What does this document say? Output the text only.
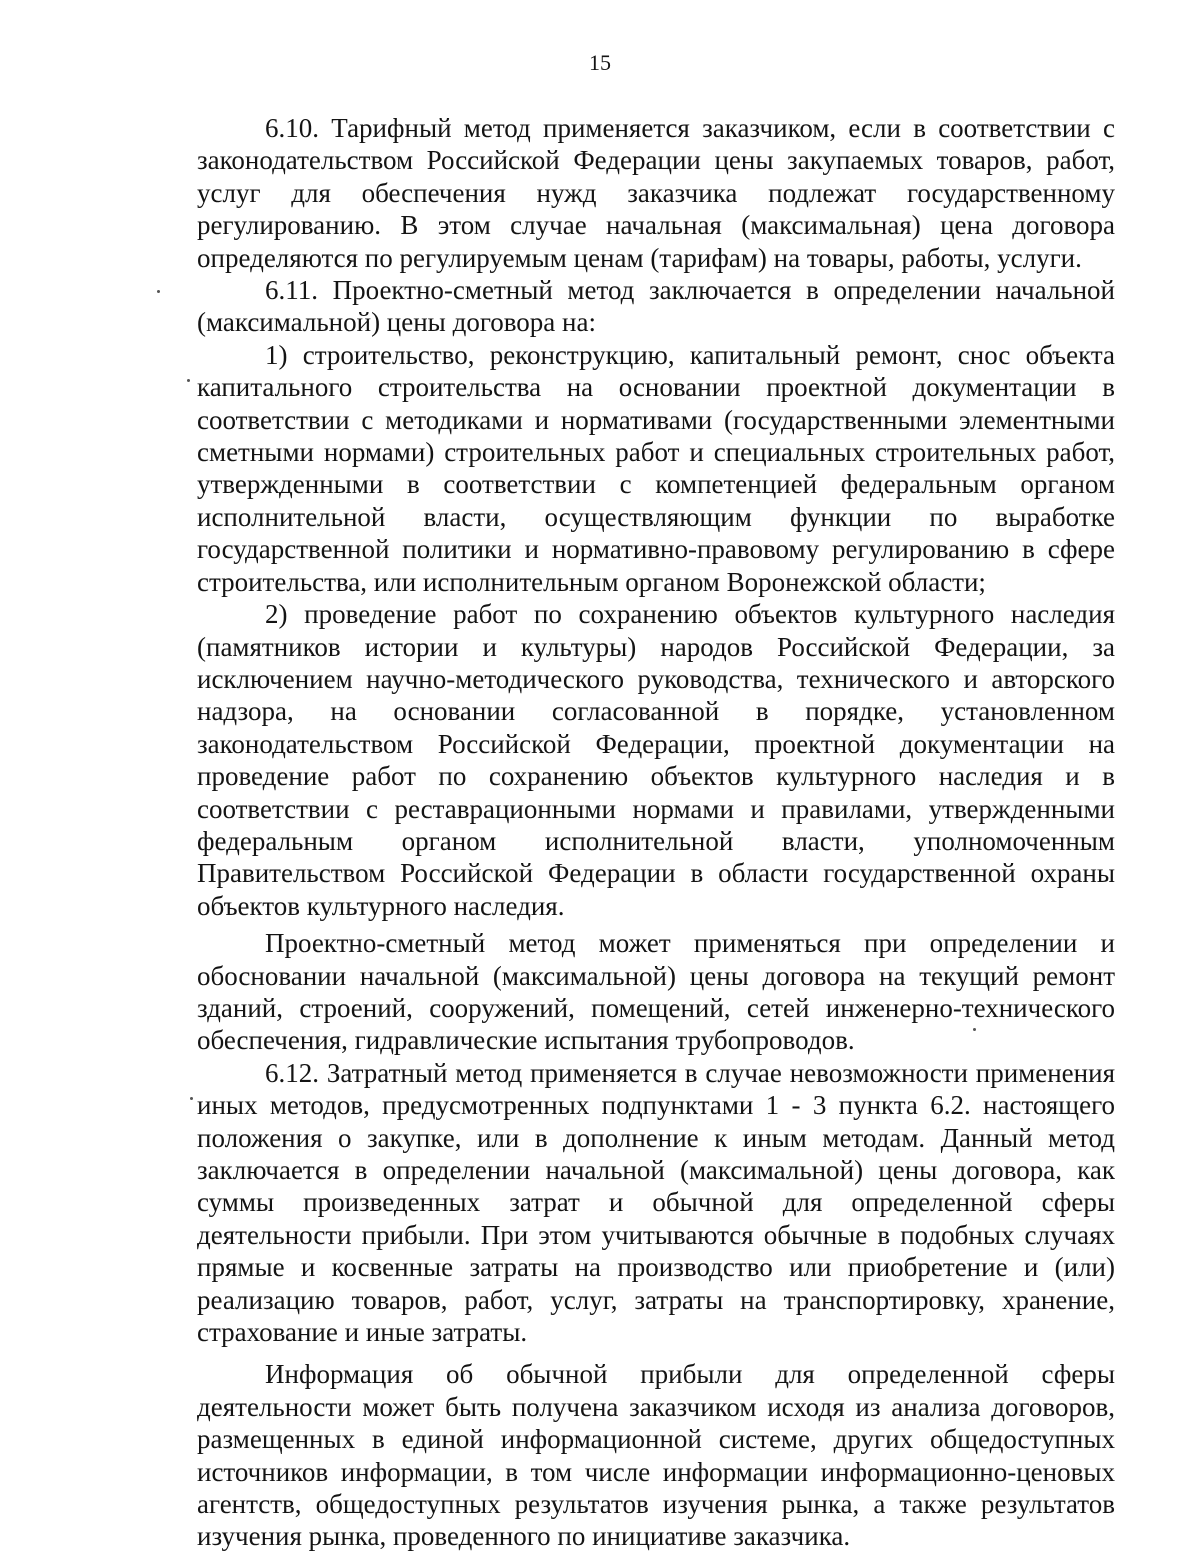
15

6.10. Тарифный метод применяется заказчиком, если в соответствии с законодательством Российской Федерации цены закупаемых товаров, работ, услуг для обеспечения нужд заказчика подлежат государственному регулированию. В этом случае начальная (максимальная) цена договора определяются по регулируемым ценам (тарифам) на товары, работы, услуги.

6.11. Проектно-сметный метод заключается в определении начальной (максимальной) цены договора на:

1) строительство, реконструкцию, капитальный ремонт, снос объекта капитального строительства на основании проектной документации в соответствии с методиками и нормативами (государственными элементными сметными нормами) строительных работ и специальных строительных работ, утвержденными в соответствии с компетенцией федеральным органом исполнительной власти, осуществляющим функции по выработке государственной политики и нормативно-правовому регулированию в сфере строительства, или исполнительным органом Воронежской области;

2) проведение работ по сохранению объектов культурного наследия (памятников истории и культуры) народов Российской Федерации, за исключением научно-методического руководства, технического и авторского надзора, на основании согласованной в порядке, установленном законодательством Российской Федерации, проектной документации на проведение работ по сохранению объектов культурного наследия и в соответствии с реставрационными нормами и правилами, утвержденными федеральным органом исполнительной власти, уполномоченным Правительством Российской Федерации в области государственной охраны объектов культурного наследия.

Проектно-сметный метод может применяться при определении и обосновании начальной (максимальной) цены договора на текущий ремонт зданий, строений, сооружений, помещений, сетей инженерно-технического обеспечения, гидравлические испытания трубопроводов.

6.12. Затратный метод применяется в случае невозможности применения иных методов, предусмотренных подпунктами 1 - 3 пункта 6.2. настоящего положения о закупке, или в дополнение к иным методам. Данный метод заключается в определении начальной (максимальной) цены договора, как суммы произведенных затрат и обычной для определенной сферы деятельности прибыли. При этом учитываются обычные в подобных случаях прямые и косвенные затраты на производство или приобретение и (или) реализацию товаров, работ, услуг, затраты на транспортировку, хранение, страхование и иные затраты.

Информация об обычной прибыли для определенной сферы деятельности может быть получена заказчиком исходя из анализа договоров, размещенных в единой информационной системе, других общедоступных источников информации, в том числе информации информационно-ценовых агентств, общедоступных результатов изучения рынка, а также результатов изучения рынка, проведенного по инициативе заказчика.
